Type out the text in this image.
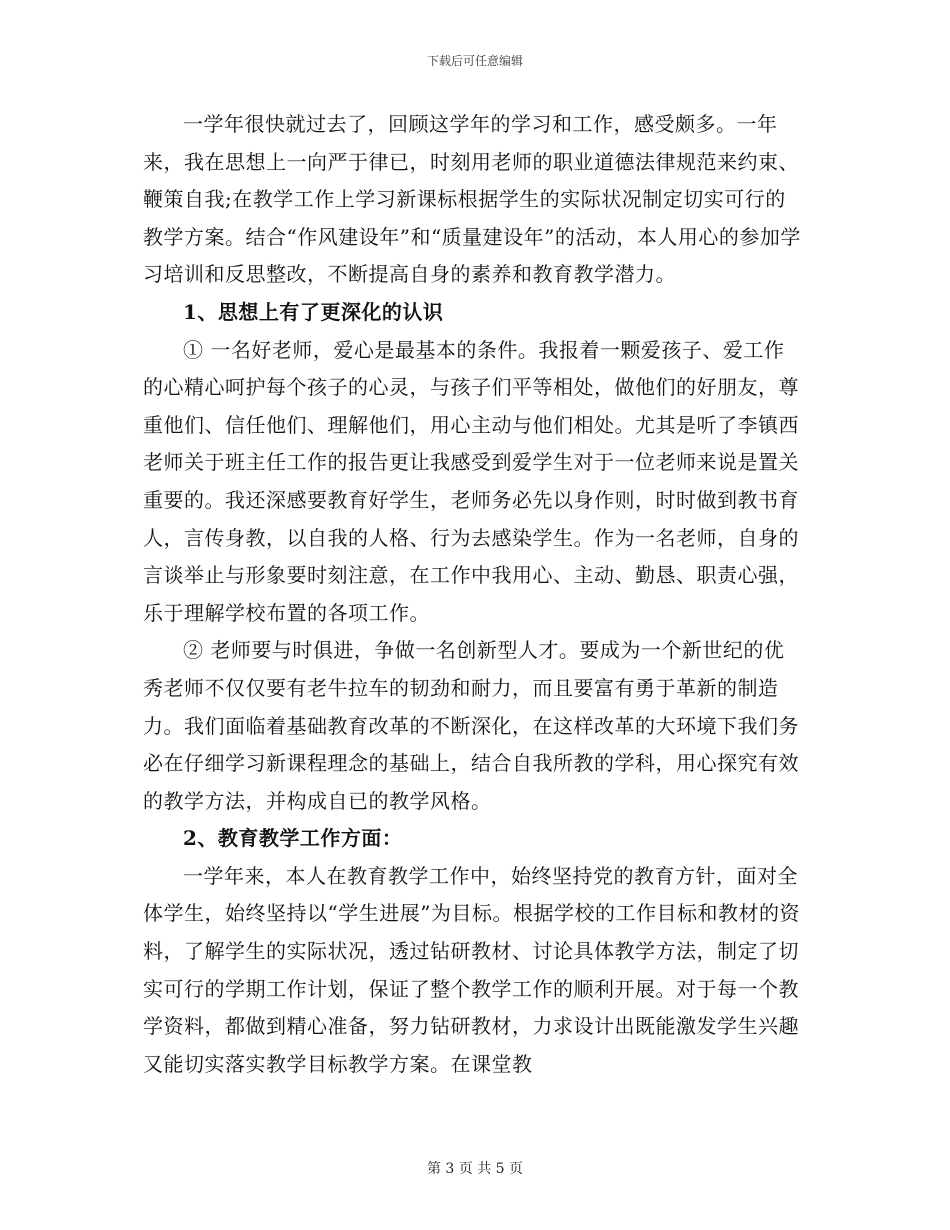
下载后可任意编辑

一学年很快就过去了，回顾这学年的学习和工作，感受颇多。一年来，我在思想上一向严于律已，时刻用老师的职业道德法律规范来约束、鞭策自我;在教学工作上学习新课标根据学生的实际状况制定切实可行的教学方案。结合“作风建设年”和“质量建设年”的活动，本人用心的参加学习培训和反思整改，不断提高自身的素养和教育教学潜力。

1、思想上有了更深化的认识

① 一名好老师，爱心是最基本的条件。我报着一颗爱孩子、爱工作的心精心呵护每个孩子的心灵，与孩子们平等相处，做他们的好朋友，尊重他们、信任他们、理解他们，用心主动与他们相处。尤其是听了李镇西老师关于班主任工作的报告更让我感受到爱学生对于一位老师来说是置关重要的。我还深感要教育好学生，老师务必先以身作则，时时做到教书育人，言传身教，以自我的人格、行为去感染学生。作为一名老师，自身的言谈举止与形象要时刻注意，在工作中我用心、主动、勤恳、职责心强，乐于理解学校布置的各项工作。

② 老师要与时俱进，争做一名创新型人才。要成为一个新世纪的优秀老师不仅仅要有老牛拉车的韧劲和耐力，而且要富有勇于革新的制造力。我们面临着基础教育改革的不断深化，在这样改革的大环境下我们务必在仔细学习新课程理念的基础上，结合自我所教的学科，用心探究有效的教学方法，并构成自已的教学风格。

2、教育教学工作方面：

一学年来，本人在教育教学工作中，始终坚持党的教育方针，面对全体学生，始终坚持以“学生进展”为目标。根据学校的工作目标和教材的资料，了解学生的实际状况，透过钻研教材、讨论具体教学方法，制定了切实可行的学期工作计划，保证了整个教学工作的顺利开展。对于每一个教学资料，都做到精心准备，努力钻研教材，力求设计出既能激发学生兴趣又能切实落实教学目标教学方案。在课堂教

第 3 页 共 5 页
